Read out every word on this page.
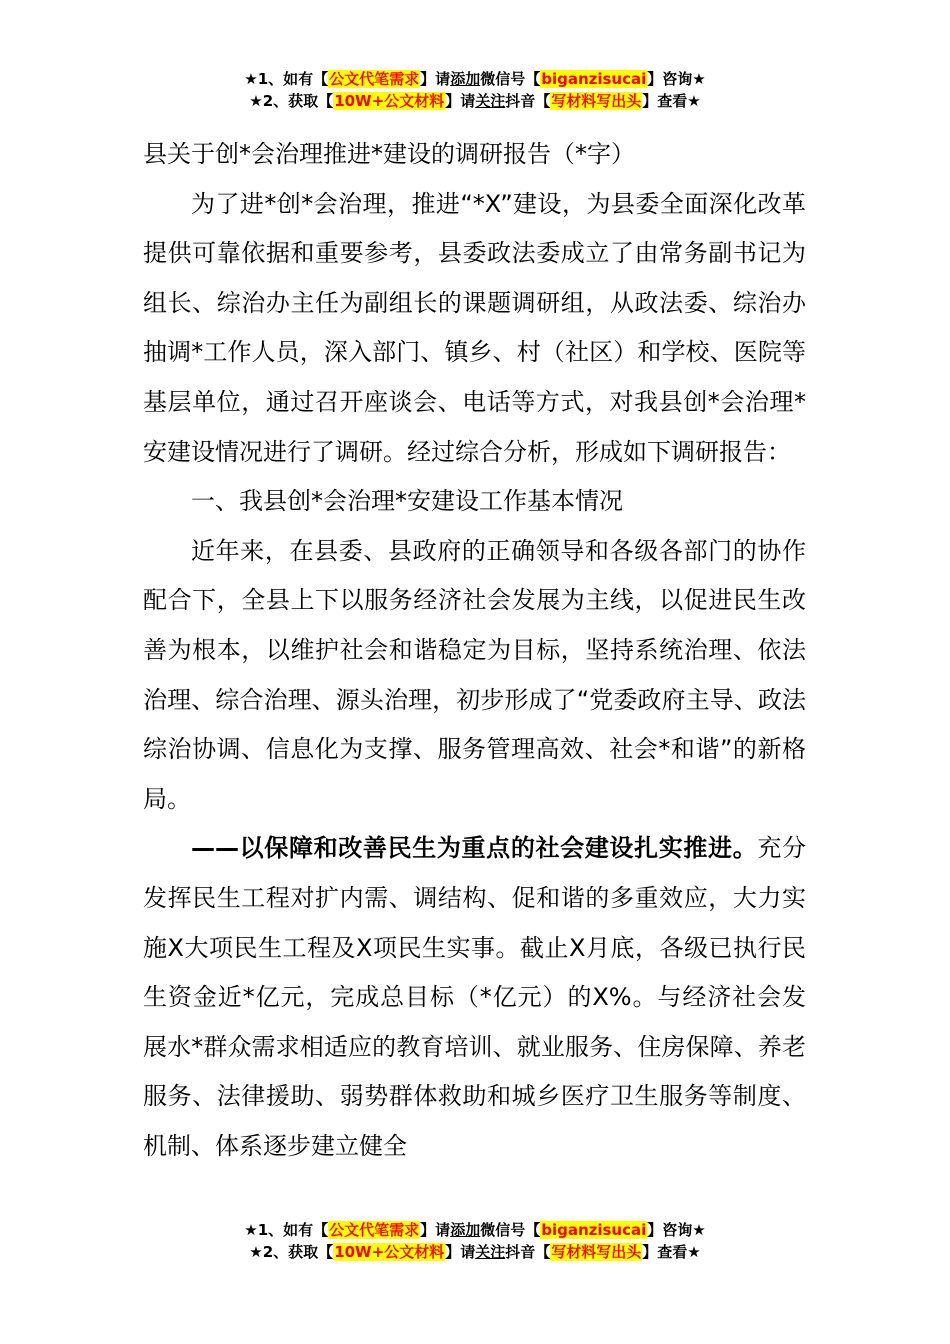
★1、如有【公文代笔需求】请添加微信号【biganzisucai】咨询★
★2、获取【10W+公文材料】请关注抖音【写材料写出头】查看★

县关于创*会治理推进*建设的调研报告（*字）

为了进*创*会治理，推进“*X”建设，为县委全面深化改革提供可靠依据和重要参考，县委政法委成立了由常务副书记为组长、综治办主任为副组长的课题调研组，从政法委、综治办抽调*工作人员，深入部门、镇乡、村（社区）和学校、医院等基层单位，通过召开座谈会、电话等方式，对我县创*会治理*安建设情况进行了调研。经过综合分析，形成如下调研报告：

一、我县创*会治理*安建设工作基本情况

近年来，在县委、县政府的正确领导和各级各部门的协作配合下，全县上下以服务经济社会发展为主线，以促进民生改善为根本，以维护社会和谐稳定为目标，坚持系统治理、依法治理、综合治理、源头治理，初步形成了“党委政府主导、政法综治协调、信息化为支撑、服务管理高效、社会*和谐”的新格局。

——以保障和改善民生为重点的社会建设扎实推进。充分发挥民生工程对扩内需、调结构、促和谐的多重效应，大力实施X大项民生工程及X项民生实事。截止X月底，各级已执行民生资金近*亿元，完成总目标（*亿元）的X%。与经济社会发展水*群众需求相适应的教育培训、就业服务、住房保障、养老服务、法律援助、弱势群体救助和城乡医疗卫生服务等制度、机制、体系逐步建立健全

★1、如有【公文代笔需求】请添加微信号【biganzisucai】咨询★
★2、获取【10W+公文材料】请关注抖音【写材料写出头】查看★
